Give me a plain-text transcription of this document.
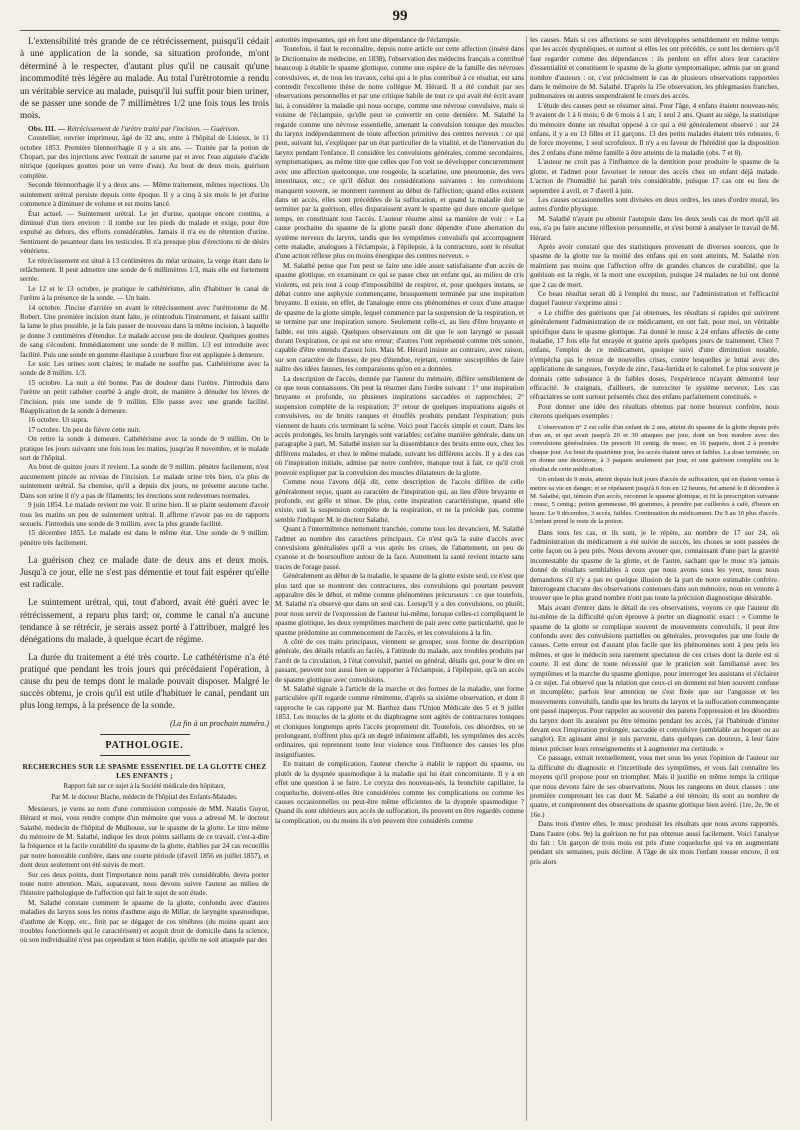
99

L'extensibilité très grande de ce rétrécissement, puisqu'il cédait à une application de la sonde, sa situation profonde, m'ont déterminé à le respecter, d'autant plus qu'il ne causait qu'une incommodité très légère au malade. Au total l'urètrotomie a rendu un véritable service au malade, puisqu'il lui suffit pour bien uriner, de se passer une sonde de 7 millimètres 1/2 une fois tous les trois mois.

Obs. III. — Rétrécissement de l'urètre traité par l'incision. — Guérison.

Coustellier, ouvrier imprimeur, âgé de 32 ans, entre à l'hôpital de Lisieux, le 11 octobre 1853. Première blennorrhagie il y a six ans. — Traitée par la potion de Chopart, par des injections avec l'extrait de saturne par et avec l'eau aiguisée d'acide nitrique (quelques gouttes pour un verre d'eau). Au bout de deux mois, guérison complète.

Seconde blennorrhagie il y a deux ans. — Même traitement, mêmes injections. Un suintement urétral persiste depuis cette époque. Il y a cinq à six mois le jet d'urine commence à diminuer de volume et est moins lancé.

État actuel. — Suintement urétral. Le jet d'urine, quoique encore continu, a diminué d'un tiers environ : il tombe sur les pieds du malade et exige, pour être expulsé au dehors, des efforts considérables. Jamais il n'a eu de rétention d'urine. Sentiment de pesanteur dans les testicules. Il n'a presque plus d'érections ni de désirs vénériens.

Le rétrécissement est situé à 13 centimètres du méat urinaire, la verge étant dans le relâchement. Il peut admettre une sonde de 6 millimètres 1/3, mais elle est fortement serrée.

Le 12 et le 13 octobre, je pratique le cathétérisme, afin d'habituer le canal de l'urètre à la présence de la sonde. — Un bain.

14 octobre. J'incise d'arrière en avant le rétrécissement avec l'urétrotome de M. Robert. Une première incision étant faite, je réintroduis l'instrument, et faisant saillir la lame le plus possible, je la fais passer de nouveau dans la même incision, à laquelle je donne 3 centimètres d'étendue. Le malade accuse peu de douleur. Quelques gouttes de sang s'écoulent. Immédiatement une sonde de 8 millim. 1/3 est introduite avec facilité. Puis une sonde en gomme élastique à courbure fixe est appliquée à demeure.

Le soir. Les urines sont claires; le malade ne souffre pas. Cathétérisme avec la sonde de 8 millim. 1/3.

15 octobre. La nuit a été bonne. Pas de douleur dans l'urètre. J'introduis dans l'urètre un petit cathéter courbé à angle droit, de manière à dénuder les lèvres de l'incision, puis une sonde de 9 millim. Elle passe avec une grande facilité. Réapplication de la sonde à demeure.

16 octobre. Ut supra.

17 octobre. Un peu de fièvre cette nuit.

On retire la sonde à demeure. Cathétérisme avec la sonde de 9 millim. On le pratique les jours suivants une fois tous les matins, jusqu'au 8 novembre, et le malade sort de l'hôpital.

Au bout de quinze jours il revient. La sonde de 9 millim. pénètre facilement, n'est aucunement pincée au niveau de l'incision. Le malade urine très bien, n'a plus de suintement urétral. Sa chemise, qu'il a depuis dix jours, ne présente aucune tache. Dans son urine il n'y a pas de filaments; les érections sont redevenues normales.

9 juin 1854. Le malade revient me voir. Il urine bien. Il se plaint seulement d'avoir tous les matins un peu de suintement urétral. Il affirme n'avoir pas eu de rapports sexuels. J'introduis une sonde de 9 millim. avec la plus grande facilité.

15 décembre 1855. Le malade est dans le même état. Une sonde de 9 millim. pénètre très facilement.

La guérison chez ce malade date de deux ans et deux mois. Jusqu'à ce jour, elle ne s'est pas démentie et tout fait espérer qu'elle est radicale.

Le suintement urétral, qui, tout d'abord, avait été guéri avec le rétrécissement, a reparu plus tard; or, comme le canal n'a aucune tendance à se rétrécir, je serais assez porté à l'attribuer, malgré les dénégations du malade, à quelque écart de régime.

La durée du traitement a été très courte. Le cathétérisme n'a été pratiqué que pendant les trois jours qui précédaient l'opération, à cause du peu de temps dont le malade pouvait disposer. Malgré le succès obtenu, je crois qu'il est utile d'habituer le canal, pendant un plus long temps, à la présence de la sonde.

(La fin à un prochain numéro.)

PATHOLOGIE.

RECHERCHES SUR LE SPASME ESSENTIEL DE LA GLOTTE CHEZ LES ENFANTS ;

Rapport fait sur ce sujet à la Société médicale des hôpitaux,

Par M. le docteur Blache, médecin de l'hôpital des Enfants-Malades.

Messieurs, je viens au nom d'une commission composée de MM. Natalis Guyot, Hérard et moi, vous rendre compte d'un mémoire que vous a adressé M. le docteur Salathé, médecin de l'hôpital de Mulhouse, sur le spasme de la glotte. Le titre même du mémoire de M. Salathé, indique les deux points saillants de ce travail, c'est-à-dire la fréquence et la facile curabilité du spasme de la glotte, établies par 24 cas recueillis par notre honorable confrère, dans une courte période (d'avril 1856 en juillet 1857), et dont deux seulement ont été suivis de mort.

Sur ces deux points, dont l'importance nous paraît très considérable, devra porter toute notre attention. Mais, auparavant, nous devons suivre l'auteur au milieu de l'histoire pathologique de l'affection qui fait le sujet de son étude.

M. Salathé constate comment le spasme de la glotte, confondu avec d'autres maladies du larynx sous les noms d'asthme aigu de Millar, de laryngite spasmodique, d'asthme de Kopp, etc., finit par se dégager de ces ténèbres (du moins quant aux troubles fonctionnels qui le caractérisent) et acquit droit de domicile dans la science, où son individualité n'est pas cependant si bien établie, qu'elle ne soit attaquée par des

autorités imposantes, qui en font une dépendance de l'éclampsie.

Toutefois, il faut le reconnaître, depuis notre article sur cette affection (inséré dans le Dictionnaire de médecine, en 1838), l'observation des médecins français a contribué beaucoup à établir le spasme glottique, comme une espèce de la famille des névroses convulsives, et, de tous les travaux, celui qui a le plus contribué à ce résultat, est sans contredit l'excellente thèse de notre collègue M. Hérard. Il a été conduit par ses observations personnelles et par une critique habile de tout ce qui avait été écrit avant lui, à considérer la maladie qui nous occupe, comme une névrose convulsive, mais si voisine de l'éclampsie, qu'elle peut se convertir en cette dernière. M. Salathé la regarde comme une névrose essentielle, amenant la convulsion tonique des muscles du larynx indépendamment de toute affection primitive des centres nerveux : ce qui peut, suivant lui, s'expliquer par un état particulier de la vitalité, et de l'innervation du larynx pendant l'enfance. Il considère les convulsions générales, comme secondaires, symptomatiques, au même titre que celles que l'on voit se développer concurremment avec une affection quelconque, une rougeole, la scarlatine, une pneumonie, des vers intestinaux, etc.; ce qu'il déduit des considérations suivantes : les convulsions manquent souvent, se montrent rarement au début de l'affection; quand elles existent dans un accès, elles sont précédées de la suffocation, et quand la maladie doit se terminer par la guérison, elles disparaissent avant le spasme qui dure encore quelque temps, en constituant tout l'accès. L'auteur résume ainsi sa manière de voir : « La cause prochaine du spasme de la glotte paraît donc dépendre d'une aberration du système nerveux du larynx, tandis que les symptômes convulsifs qui accompagnent cette maladie, analogues à l'éclampsie, à l'épilepsie, à la contracture, sont le résultat d'une action réflexe plus ou moins énergique des centres nerveux. »

M. Salathé pense que l'on peut se faire une idée assez satisfaisante d'un accès de spasme glottique, en examinant ce qui se passe chez un enfant qui, au milieu de cris violents, est pris tout à coup d'impossibilité de respirer, et, pour quelques instans, se débat contre une asphyxie commençante, brusquement terminée par une inspiration bruyante. Il existe, en effet, de l'analogie entre ces phénomènes et ceux d'une attaque de spasme de la glotte simple, lequel commence par la suspension de la respiration, et se termine par une inspiration sonore. Seulement celle-ci, au lieu d'être bruyante et faible, est très aiguë. Quelques observateurs ont dit que le son laryngé se passait durant l'expiration, ce qui est une erreur; d'autres l'ont représenté comme très sonore, capable d'être entendu d'assez loin. Mais M. Hérard insiste au contraire, avec raison, sur son caractère de finesse, de peu d'étendue, rejetant, comme susceptibles de faire naître des idées fausses, les comparaisons qu'on en a données.

La description de l'accès, donnée par l'auteur du mémoire, diffère sensiblement de ce que nous connaissons. On peut la résumer dans l'ordre suivant : 1° une inspiration bruyante et profonde, ou plusieurs inspirations saccadées et rapprochées; 2° suspension complète de la respiration; 3° retour de quelques inspirations aiguës et convulsives, ou de bruits rauques et étouffés produits pendant l'expiration; puis viennent de hauts cris terminant la scène. Voici pour l'accès simple et court. Dans les accès prolongés, les bruits laryngés sont variables; cet'aine manière générale, dans un paragraphe à part, M. Salathé insiste sur la dissemblance des bruits entre eux, chez les différens malades, et chez le même malade, suivant les différens accès. Il y a des cas où l'inspiration initiale, admise par notre confrère, manque tout à fait, ce qu'il croit pouvoir expliquer par la convulsion des muscles dilatateurs de la glotte.

Comme nous l'avons déjà dit, cette description de l'accès diffère de celle généralement reçue, quant au caractère de l'inspiration qui, au lieu d'être bruyante et profonde, est grêle et ténue. De plus, cette inspiration caractéristique, quand elle existe, suit la suspension complète de la respiration, et ne la précède pas, comme semble l'indiquer M. le docteur Salathé.

Quant à l'intermittence nettement tranchée, comme tous les devanciers, M. Salathé l'admet au nombre des caractères principaux. Ce n'est qu'à la suite d'accès avec convulsions généralisées qu'il a vus après les crises, de l'abattement, un peu de cyanose et de boursouflure autour de la face. Autrement la santé revient intacte sans traces de l'orage passé.

Généralement au début de la maladie, le spasme de la glotte existe seul, ce n'est que plus tard que se montrent des contractures, des convulsions qui pourtant peuvent apparaître dès le début, et même comme phénomènes précurseurs : ce que toutefois, M. Salathé n'a observé que dans un seul cas. Lorsqu'il y a des convulsions, ou plutôt, pour nous servir de l'expression de l'auteur lui-même, lorsque celles-ci compliquent le spasme glottique, les deux symptômes marchent de pair avec cette particularité, que le spasme prédomine au commencement de l'accès, et les convulsions à la fin.

A côté de ces traits principaux, viennent se grouper, sous forme de description générale, des détails relatifs au faciès, à l'attitude du malade, aux troubles produits par l'arrêt de la circulation, à l'état convulsif, partiel ou général, détails qui, pour le dire en passant, peuvent tout aussi bien se rapporter à l'éclampsie, à l'épilepsie, qu'à un accès de spasme glottique avec convulsions.

M. Salathé signale à l'article de la marche et des formes de la maladie, une forme particulière qu'il regarde comme rémittente, d'après sa sixième observation, et dont il rapproche le cas rapporté par M. Barthez dans l'Union Médicale des 5 et 9 juillet 1853. Les muscles de la glotte et du diaphragme sont agités de contractures toniques et cloniques longtemps après l'accès proprement dit. Toutefois, ces désordres, en se prolongeant, n'offrent plus qu'à un degré infiniment affaibli, les symptômes des accès ordinaires, qui reprennent toute leur violence sous l'influence des causes les plus insignifiantes.

En traitant de complication, l'auteur cherche à établir le rapport du spasme, ou plutôt de la dyspnée spasmodique à la maladie qui lui était concomitante. Il y a en effet une question à se faire. Le coryza des nouveau-nés, la bronchite capillaire, la coqueluche, doivent-elles être considérées comme les complications ou comme les causes occasionnelles ou peut-être même efficientes de la dyspnée spasmodique ? Quand ils sont ultérieurs aux accès de suffocation, ils peuvent en être regardés comme la complication, ou du moins ils n'en peuvent être considérés comme

les causes. Mais si ces affections se sont développées sensiblement en même temps que les accès dyspnéiques, et surtout si elles les ont précédés, ce sont les derniers qu'il faut regarder comme des dépendances : ils perdent en effet alors leur caractère d'essentialité et constituent le spasme de la glotte symptomatique, admis par un grand nombre d'auteurs : or, c'est précisément le cas de plusieurs observations rapportées dans le mémoire de M. Salathé. D'après la 15e observation, les phlegmasies franches, pulmonaires ou autres suspendraient le cours des accès.

L'étude des causes peut se résumer ainsi. Pour l'âge, 4 enfans étaient nouveau-nés; 9 avaient de 1 à 6 mois; 6 de 6 mois à 1 an; 1 seul 2 ans. Quant au siége, la statistique du mémoire donne un résultat opposé à ce qui a été généralement observé : sur 24 enfans, il y a eu 13 filles et 11 garçons. 13 des petits malades étaient très robustes, 6 de force moyenne, 1 seul scrofuleux. Il n'y a eu faveur de l'hérédité que la disposition des 2 enfans d'une même famille à être atteints de la maladie (obs. 7 et 8).

L'auteur ne croit pas à l'influence de la dentition pour produire le spasme de la glotte, et l'admet pour favoriser le retour des accès chez un enfant déjà malade. L'action de l'humidité lui paraît très considérable, puisque 17 cas ont eu lieu de septembre à avril, et 7 d'avril à juin.

Les causes occasionnelles sont divisées en deux ordres, les unes d'ordre moral, les autres d'ordre physique.

M. Salathé n'ayant pu obtenir l'autopsie dans les deux seuls cas de mort qu'il ait eus, n'a pu faire aucune réflexion personnelle, et s'est borné à analyser le travail de M. Hérard.

Après avoir constaté que des statistiques provenant de diverses sources, que le spasme de la glotte tue la moitié des enfans qui en sont atteints, M. Salathé n'en maintient pas moins que l'affection offre de grandes chances de curabilité, que la guérison est la règle, et la mort une exception, puisque 24 malades ne lui ont donné que 2 cas de mort.

Ce beau résultat serait dû à l'emploi du musc, sur l'administration et l'efficacité duquel l'auteur s'exprime ainsi :

« Le chiffre des guérisons que j'ai obtenues, les résultats si rapides qui suivirent généralement l'administration de ce médicament, en ont fait, pour moi, un véritable spécifique dans le spasme glottique. J'ai donné le musc à 24 enfans affectés de cette maladie, 17 fois elle fut enrayée et guérie après quelques jours de traitement. Chez 7 enfans, l'emploi de ce médicament, quoique suivi d'une diminution notable, n'empêcha pas le retour de nouvelles crises, contre lesquelles je luttai avec des applications de sangsues, l'oxyde de zinc, l'asa-fœtida et le calomel. Le plus souvent je donnais cette substance à de faibles doses, l'expérience m'ayant démontré leur efficacité. Je craignais, d'ailleurs, de surexciter le système nerveux. Les cas réfractaires se sont surtout présentés chez des enfans parfaitement constitués. »

Pour donner une idée des résultats obtenus par notre heureux confrère, nous citerons quelques exemples :

L'observation n° 2 est celle d'un enfant de 2 ans, atteint du spasme de la glotte depuis près d'un an, et qui avait jusqu'à 20 et 30 attaques par jour, dont un bon nombre avec des convulsions généralisées. On prescrit 10 centig. de musc, en 16 paquets, dont 2 à prendre chaque jour. Au bout du quatrième jour, les accès étaient rares et faibles. La dose terminée, on en donne une deuxième, à 3 paquets seulement par jour, et une guérison complète est le résultat de cette médication.

Un enfant de 9 mois, atteint depuis huit jours d'accès de suffocation, qui en étaient venus à mettre sa vie en danger, et se répétaient jusqu'à 6 fois en 12 heures, fut amené le 8 décembre à M. Salathé, qui, témoin d'un accès, reconnut le spasme glottique, et fit la prescription suivante : musc, 5 centig.; potion gommeuse, 80 grammes, à prendre par cuillerées à café, d'heure en heure. Le 9 décembre, 3 accès, faibles. Continuation du médicament. Du 9 au 10 plus d'accès. L'enfant prend le reste de la potion.

Dans tous les cas, et ils sont, je le répète, au nombre de 17 sur 24, où l'administration du médicament a été suivie de succès, les choses se sont passées de cette façon ou à peu près. Nous devons avouer que, connaissant d'une part la gravité incontestable du spasme de la glotte, et de l'autre, sachant que le musc n'a jamais donné de résultats semblables à ceux que nous avons sous les yeux, nous nous demandons s'il n'y a pas eu quelque illusion de la part de notre estimable confrère. Interrogeant chacune des observations contenues dans son mémoire, nous en venons à trouver que le plus grand nombre n'ont pas toute la précision diagnostique désirable.

Mais avant d'entrer dans le détail de ces observations, voyons ce que l'auteur dit lui-même de la difficulté qu'on éprouve à porter un diagnostic exact : « Comme le spasme de la glotte se complique souvent de mouvements convulsifs, il peut être confondu avec des convulsions partielles ou générales, provoquées par une foule de causes. Cette erreur est d'autant plus facile que les phénomènes sont à peu près les mêmes, et que le médecin sera rarement spectateur de ces crises dont la durée est si courte. Il est donc de toute nécessité que le praticien soit familiarisé avec les symptômes et la marche du spasme glottique, pour interroger les assistans et s'éclairer à ce sujet. J'ai observé que la relation que ceux-ci en donnent est bien souvent confuse et incomplète; parfois leur attention ne s'est fixée que sur l'angoisse et les mouvements convulsifs, tandis que les bruits du larynx et la suffocation commençante ont passé inaperçus. Pour rappeler au souvenir des parens l'oppression et les désordres du larynx dont ils auraient pu être témoins pendant les accès, j'ai l'habitude d'imiter devant eux l'inspiration prolongée, saccadée et convulsive (semblable au hoquet ou au sanglot). En agissant ainsi je suis parvenu, dans quelques cas douteux, à leur faire mieux préciser leurs renseignements et à augmenter ma certitude. »

Ce passage, extrait textuellement, vous met sous les yeux l'opinion de l'auteur sur la difficulté du diagnostic et l'incertitude des symptômes, et vous fait connaître les moyens qu'il propose pour en triompher. Mais il justifie en même temps la critique que nous devons faire de ses observations. Nous les rangeons en deux classes : une première comprenant les cas dont M. Salathé a été témoin; ils sont au nombre de quatre, et comprennent des observations de spasme glottique bien avéré. (1re, 2e, 9e et 16e.)

Dans trois d'entre elles, le musc produisit les résultats que nous avons rapportés. Dans l'autre (obs. 9e) la guérison ne fut pas obtenue aussi facilement. Voici l'analyse du fait : Un garçon de trois mois est pris d'une coqueluche qui va en augmentant pendant six semaines, puis décline. A l'âge de six mois l'enfant tousse encore, il est pris alors
